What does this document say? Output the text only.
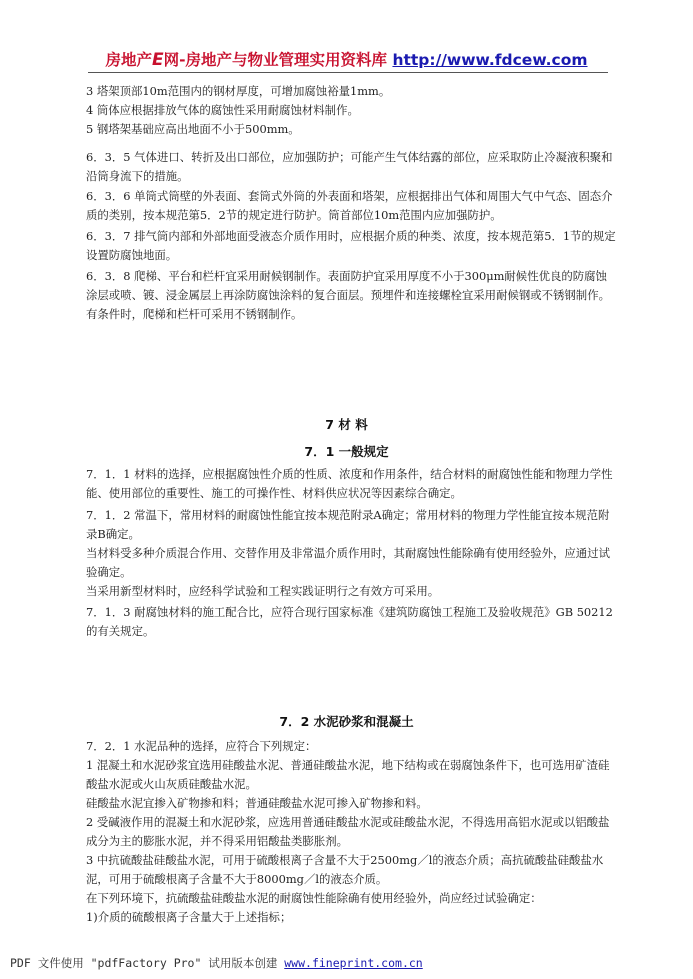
房地产E网-房地产与物业管理实用资料库 http://www.fdcew.com

3 塔架顶部10m范围内的钢材厚度，可增加腐蚀裕量1mm。
4 筒体应根据排放气体的腐蚀性采用耐腐蚀材料制作。
5 钢塔架基础应高出地面不小于500mm。

6．3．5 气体进口、转折及出口部位，应加强防护；可能产生气体结露的部位，应采取防止冷凝液积聚和沿筒身流下的措施。

6．3．6 单筒式筒壁的外表面、套筒式外筒的外表面和塔架，应根据排出气体和周围大气中气态、固态介质的类别，按本规范第5．2节的规定进行防护。筒首部位10m范围内应加强防护。

6．3．7 排气筒内部和外部地面受液态介质作用时，应根据介质的种类、浓度，按本规范第5．1节的规定设置防腐蚀地面。

6．3．8 爬梯、平台和栏杆宜采用耐候钢制作。表面防护宜采用厚度不小于300μm耐候性优良的防腐蚀涂层或喷、镀、浸金属层上再涂防腐蚀涂料的复合面层。预埋件和连接螺栓宜采用耐候钢或不锈钢制作。
有条件时，爬梯和栏杆可采用不锈钢制作。

7 材 料

7．1 一般规定

7．1．1 材料的选择，应根据腐蚀性介质的性质、浓度和作用条件，结合材料的耐腐蚀性能和物理力学性能、使用部位的重要性、施工的可操作性、材料供应状况等因素综合确定。

7．1．2 常温下，常用材料的耐腐蚀性能宜按本规范附录A确定；常用材料的物理力学性能宜按本规范附录B确定。
当材料受多种介质混合作用、交替作用及非常温介质作用时，其耐腐蚀性能除确有使用经验外，应通过试验确定。
当采用新型材料时，应经科学试验和工程实践证明行之有效方可采用。

7．1．3 耐腐蚀材料的施工配合比，应符合现行国家标准《建筑防腐蚀工程施工及验收规范》GB 50212的有关规定。

7．2 水泥砂浆和混凝土

7．2．1 水泥品种的选择，应符合下列规定：
1 混凝土和水泥砂浆宜选用硅酸盐水泥、普通硅酸盐水泥，地下结构或在弱腐蚀条件下，也可选用矿渣硅酸盐水泥或火山灰质硅酸盐水泥。
硅酸盐水泥宜掺入矿物掺和料；普通硅酸盐水泥可掺入矿物掺和料。
2 受碱液作用的混凝土和水泥砂浆，应选用普通硅酸盐水泥或硅酸盐水泥，不得选用高铝水泥或以铝酸盐成分为主的膨胀水泥，并不得采用铝酸盐类膨胀剂。
3 中抗硫酸盐硅酸盐水泥，可用于硫酸根离子含量不大于2500mg／l的液态介质；高抗硫酸盐硅酸盐水泥，可用于硫酸根离子含量不大于8000mg／l的液态介质。
在下列环境下，抗硫酸盐硅酸盐水泥的耐腐蚀性能除确有使用经验外，尚应经过试验确定：
1)介质的硫酸根离子含量大于上述指标；

PDF 文件使用 "pdfFactory Pro" 试用版本创建 www.fineprint.com.cn
